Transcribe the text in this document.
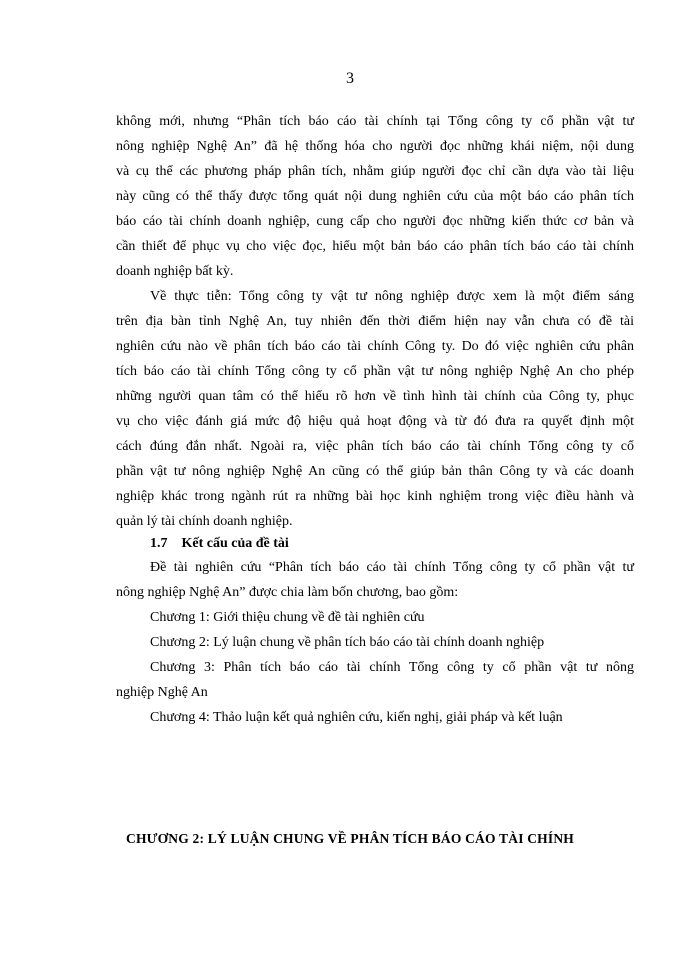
3
không mới, nhưng “Phân tích báo cáo tài chính tại Tổng công ty cổ phần vật tư
nông nghiệp Nghệ An” đã hệ thống hóa cho người đọc những khái niệm, nội dung
và cụ thể các phương pháp phân tích, nhằm giúp người đọc chỉ cần dựa vào tài liệu
này cũng có thể thấy được tổng quát nội dung nghiên cứu của một báo cáo phân tích
báo cáo tài chính doanh nghiệp, cung cấp cho người đọc những kiến thức cơ bản và
cần thiết để phục vụ cho việc đọc, hiểu một bản báo cáo phân tích báo cáo tài chính
doanh nghiệp bất kỳ.
Về thực tiễn: Tổng công ty vật tư nông nghiệp được xem là một điểm sáng
trên địa bàn tỉnh Nghệ An, tuy nhiên đến thời điểm hiện nay vẫn chưa có đề tài
nghiên cứu nào về phân tích báo cáo tài chính Công ty. Do đó việc nghiên cứu phân
tích báo cáo tài chính Tổng công ty cổ phần vật tư nông nghiệp Nghệ An cho phép
những người quan tâm có thể hiểu rõ hơn về tình hình tài chính của Công ty, phục
vụ cho việc đánh giá mức độ hiệu quả hoạt động và từ đó đưa ra quyết định một
cách đúng đắn nhất. Ngoài ra, việc phân tích báo cáo tài chính Tổng công ty cổ
phần vật tư nông nghiệp Nghệ An cũng có thể giúp bản thân Công ty và các doanh
nghiệp khác trong ngành rút ra những bài học kinh nghiệm trong việc điều hành và
quản lý tài chính doanh nghiệp.
1.7 Kết cấu của đề tài
Đề tài nghiên cứu “Phân tích báo cáo tài chính Tổng công ty cổ phần vật tư
nông nghiệp Nghệ An” được chia làm bốn chương, bao gồm:
Chương 1: Giới thiệu chung về đề tài nghiên cứu
Chương 2: Lý luận chung về phân tích báo cáo tài chính doanh nghiệp
Chương 3: Phân tích báo cáo tài chính Tổng công ty cổ phần vật tư nông
nghiệp Nghệ An
Chương 4: Thảo luận kết quả nghiên cứu, kiến nghị, giải pháp và kết luận
CHƯƠNG 2: LÝ LUẬN CHUNG VỀ PHÂN TÍCH BÁO CÁO TÀI CHÍNH
